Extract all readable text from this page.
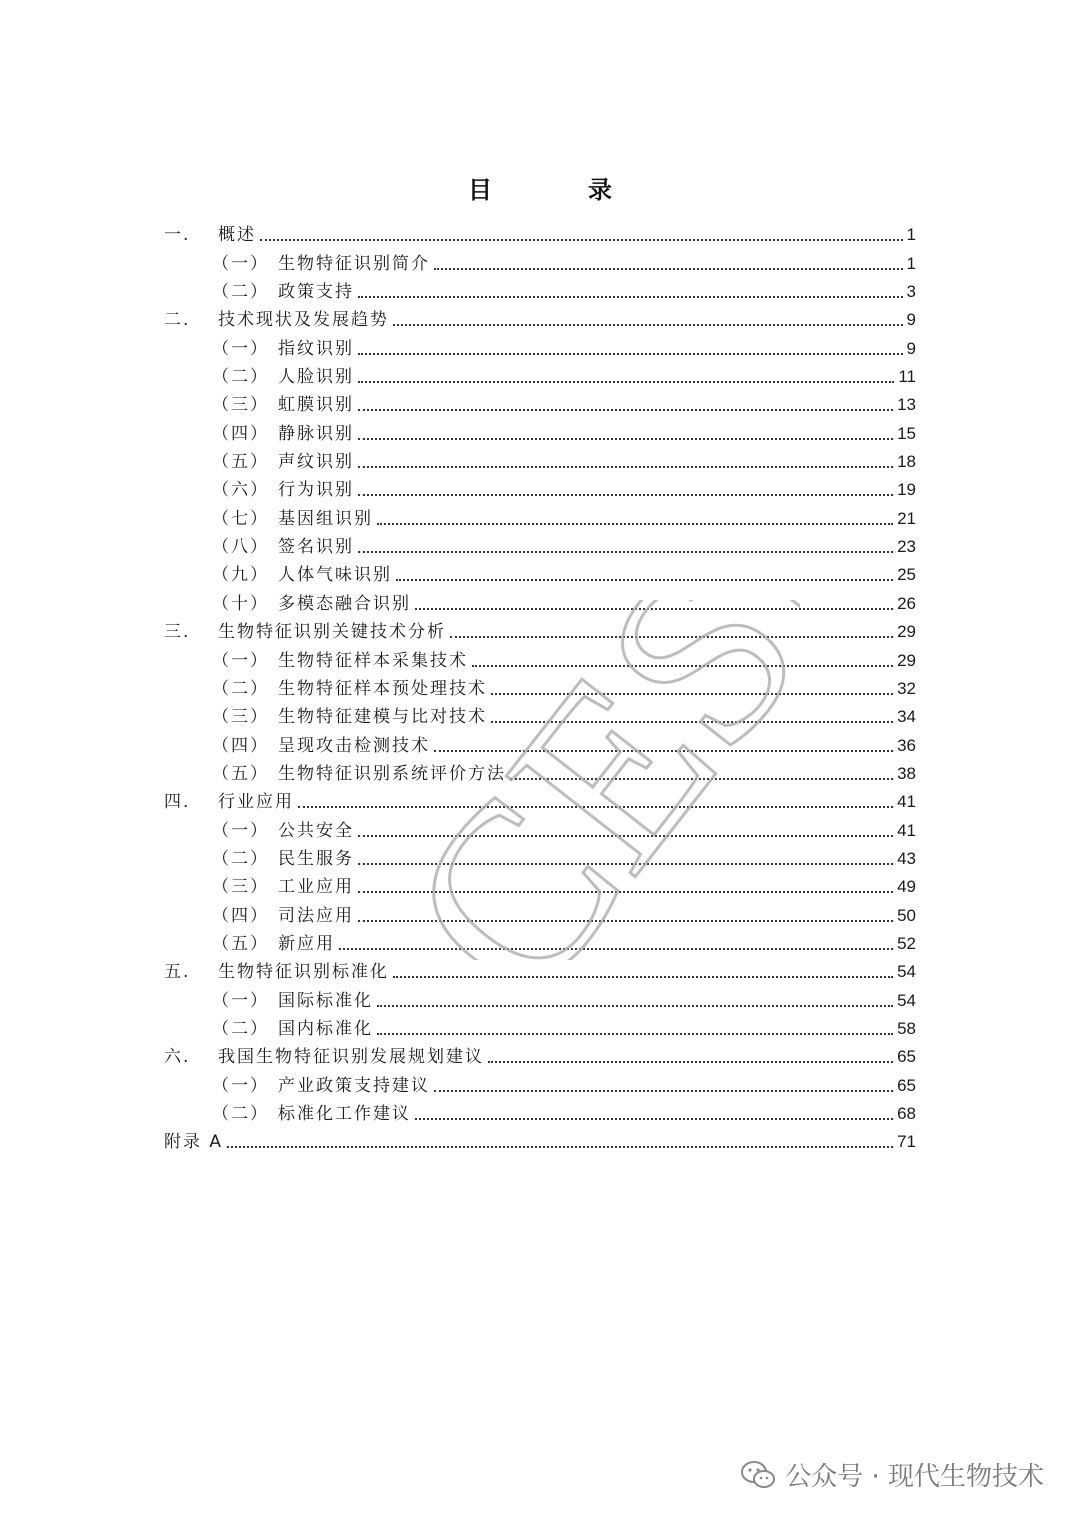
目　录
一.	概述	1
（一） 生物特征识别简介	1
（二） 政策支持	3
二.	技术现状及发展趋势	9
（一） 指纹识别	9
（二） 人脸识别	11
（三） 虹膜识别	13
（四） 静脉识别	15
（五） 声纹识别	18
（六） 行为识别	19
（七） 基因组识别	21
（八） 签名识别	23
（九） 人体气味识别	25
（十） 多模态融合识别	26
三.	生物特征识别关键技术分析	29
（一） 生物特征样本采集技术	29
（二） 生物特征样本预处理技术	32
（三） 生物特征建模与比对技术	34
（四） 呈现攻击检测技术	36
（五） 生物特征识别系统评价方法	38
四.	行业应用	41
（一） 公共安全	41
（二） 民生服务	43
（三） 工业应用	49
（四） 司法应用	50
（五） 新应用	52
五.	生物特征识别标准化	54
（一） 国际标准化	54
（二） 国内标准化	58
六.	我国生物特征识别发展规划建议	65
（一） 产业政策支持建议	65
（二） 标准化工作建议	68
附录 A	71
CESI
公众号 · 现代生物技术
